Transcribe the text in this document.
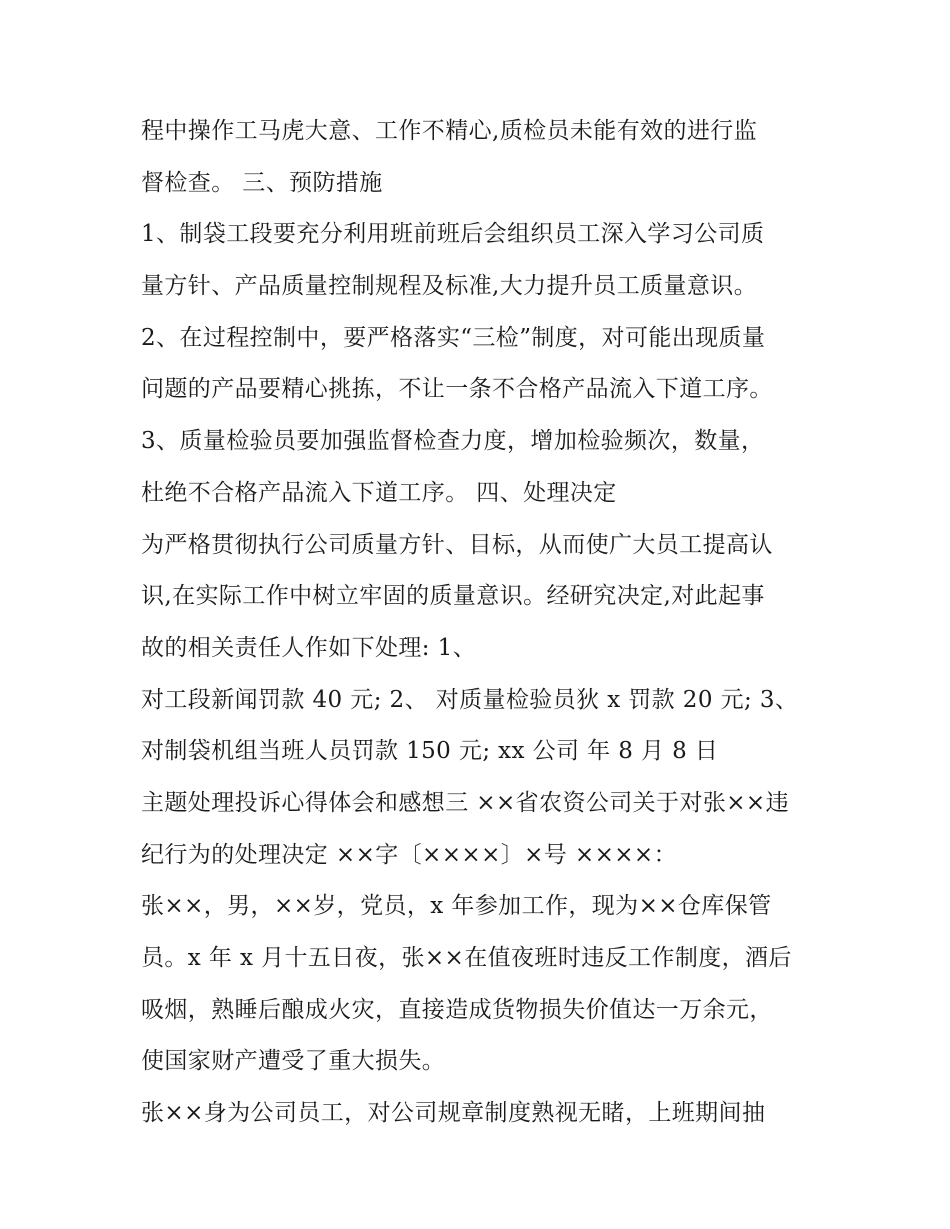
程中操作工马虎大意、工作不精心,质检员未能有效的进行监
督检查。 三、预防措施
1、制袋工段要充分利用班前班后会组织员工深入学习公司质
量方针、产品质量控制规程及标准,大力提升员工质量意识。
2、在过程控制中，要严格落实“三检”制度，对可能出现质量
问题的产品要精心挑拣，不让一条不合格产品流入下道工序。
3、质量检验员要加强监督检查力度，增加检验频次，数量，
杜绝不合格产品流入下道工序。 四、处理决定
为严格贯彻执行公司质量方针、目标，从而使广大员工提高认
识,在实际工作中树立牢固的质量意识。经研究决定,对此起事
故的相关责任人作如下处理: 1、
对工段新闻罚款 40 元; 2、 对质量检验员狄 x 罚款 20 元; 3、
对制袋机组当班人员罚款 150 元; xx 公司 年 8 月 8 日
主题处理投诉心得体会和感想三 ××省农资公司关于对张××违
纪行为的处理决定 ××字〔××××〕×号 ××××：
张××，男，××岁，党员，x 年参加工作，现为××仓库保管
员。x 年 x 月十五日夜，张××在值夜班时违反工作制度，酒后
吸烟，熟睡后酿成火灾，直接造成货物损失价值达一万余元，
使国家财产遭受了重大损失。
张××身为公司员工，对公司规章制度熟视无睹，上班期间抽
